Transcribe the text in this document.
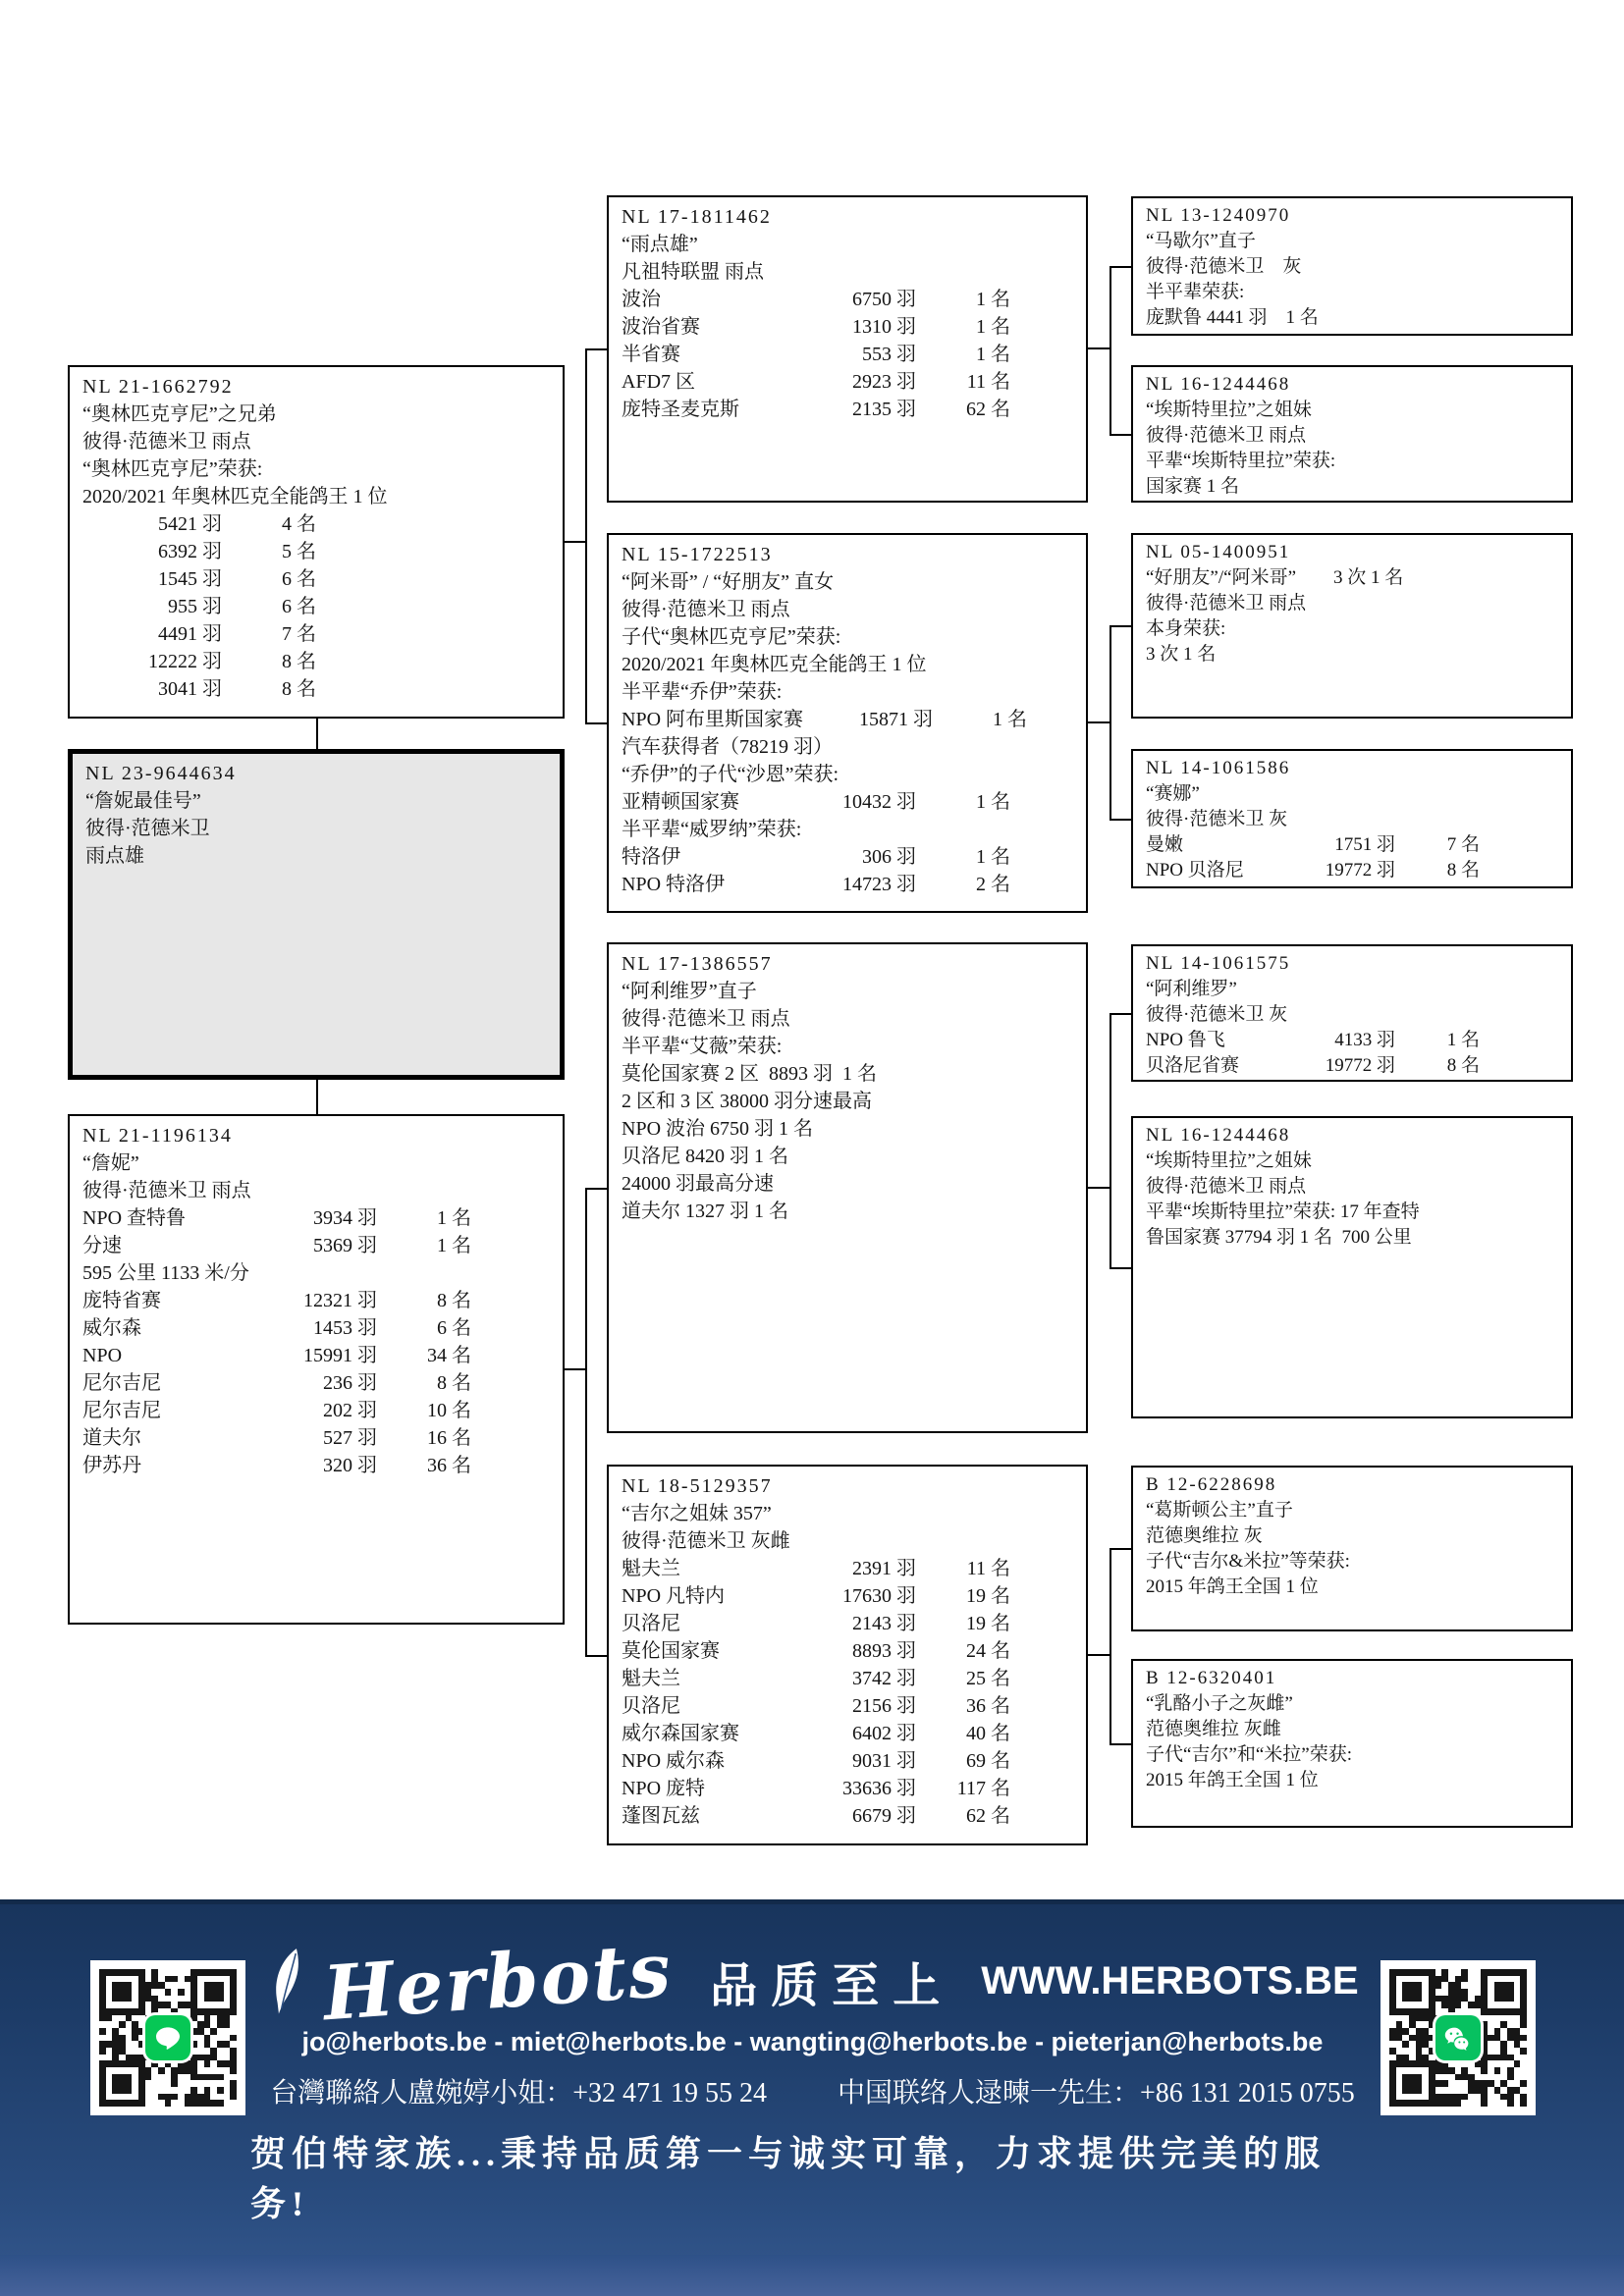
NL 23-9644634
“詹妮最佳号”
彼得·范德米卫
雨点雄
NL 21-1662792
“奥林匹克亨尼”之兄弟
彼得·范德米卫 雨点
“奥林匹克亨尼”荣获:
2020/2021 年奥林匹克全能鸽王 1 位
5421 羽	4 名
6392 羽	5 名
1545 羽	6 名
955 羽	6 名
4491 羽	7 名
12222 羽	8 名
3041 羽	8 名
NL 21-1196134
“詹妮”
彼得·范德米卫 雨点
NPO 查特鲁	3934 羽	1 名
分速	5369 羽	1 名
595 公里 1133 米/分
庞特省赛	12321 羽	8 名
威尔森	1453 羽	6 名
NPO	15991 羽	34 名
尼尔吉尼	236 羽	8 名
尼尔吉尼	202 羽	10 名
道夫尔	527 羽	16 名
伊苏丹	320 羽	36 名
NL 17-1811462
“雨点雄”
凡祖特联盟 雨点
波治	6750 羽	1 名
波治省赛	1310 羽	1 名
半省赛	553 羽	1 名
AFD7 区	2923 羽	11 名
庞特圣麦克斯	2135 羽	62 名
NL 15-1722513
“阿米哥” / “好朋友” 直女
彼得·范德米卫 雨点
子代“奥林匹克亨尼”荣获:
2020/2021 年奥林匹克全能鸽王 1 位
半平辈“乔伊”荣获:
NPO 阿布里斯国家赛	15871 羽	1 名
汽车获得者（78219 羽）
“乔伊”的子代“沙恩”荣获:
亚精顿国家赛	10432 羽	1 名
半平辈“威罗纳”荣获:
特洛伊	306 羽	1 名
NPO 特洛伊	14723 羽	2 名
NL 17-1386557
“阿利维罗”直子
彼得·范德米卫 雨点
半平辈“艾薇”荣获:
莫伦国家赛 2 区  8893 羽  1 名
2 区和 3 区 38000 羽分速最高
NPO 波治 6750 羽 1 名
贝洛尼 8420 羽 1 名
24000 羽最高分速
道夫尔 1327 羽 1 名
NL 18-5129357
“吉尔之姐妹 357”
彼得·范德米卫 灰雌
魁夫兰	2391 羽	11 名
NPO 凡特内	17630 羽	19 名
贝洛尼	2143 羽	19 名
莫伦国家赛	8893 羽	24 名
魁夫兰	3742 羽	25 名
贝洛尼	2156 羽	36 名
威尔森国家赛	6402 羽	40 名
NPO 威尔森	9031 羽	69 名
NPO 庞特	33636 羽	117 名
蓬图瓦兹	6679 羽	62 名
NL 13-1240970
“马歇尔”直子
彼得·范德米卫　灰
半平辈荣获:
庞默鲁 4441 羽　1 名
NL 16-1244468
“埃斯特里拉”之姐妹
彼得·范德米卫 雨点
平辈“埃斯特里拉”荣获:
国家赛 1 名
NL 05-1400951
“好朋友”/“阿米哥”　　3 次 1 名
彼得·范德米卫 雨点
本身荣获:
3 次 1 名
NL 14-1061586
“赛娜”
彼得·范德米卫 灰
曼嫩	1751 羽	7 名
NPO 贝洛尼	19772 羽	8 名
NL 14-1061575
“阿利维罗”
彼得·范德米卫 灰
NPO 鲁飞	4133 羽	1 名
贝洛尼省赛	19772 羽	8 名
NL 16-1244468
“埃斯特里拉”之姐妹
彼得·范德米卫 雨点
平辈“埃斯特里拉”荣获: 17 年查特
鲁国家赛 37794 羽 1 名  700 公里
B 12-6228698
“葛斯顿公主”直子
范德奥维拉 灰
子代“吉尔&米拉”等荣获:
2015 年鸽王全国 1 位
B 12-6320401
“乳酪小子之灰雌”
范德奥维拉 灰雌
子代“吉尔”和“米拉”荣获:
2015 年鸽王全国 1 位
Herbots 品质至上 WWW.HERBOTS.BE
jo@herbots.be - miet@herbots.be - wangting@herbots.be - pieterjan@herbots.be
台灣聯絡人盧婉婷小姐：+32 471 19 55 24	中国联络人逯暕一先生：+86 131 2015 0755
贺伯特家族...秉持品质第一与诚实可靠，力求提供完美的服务!
